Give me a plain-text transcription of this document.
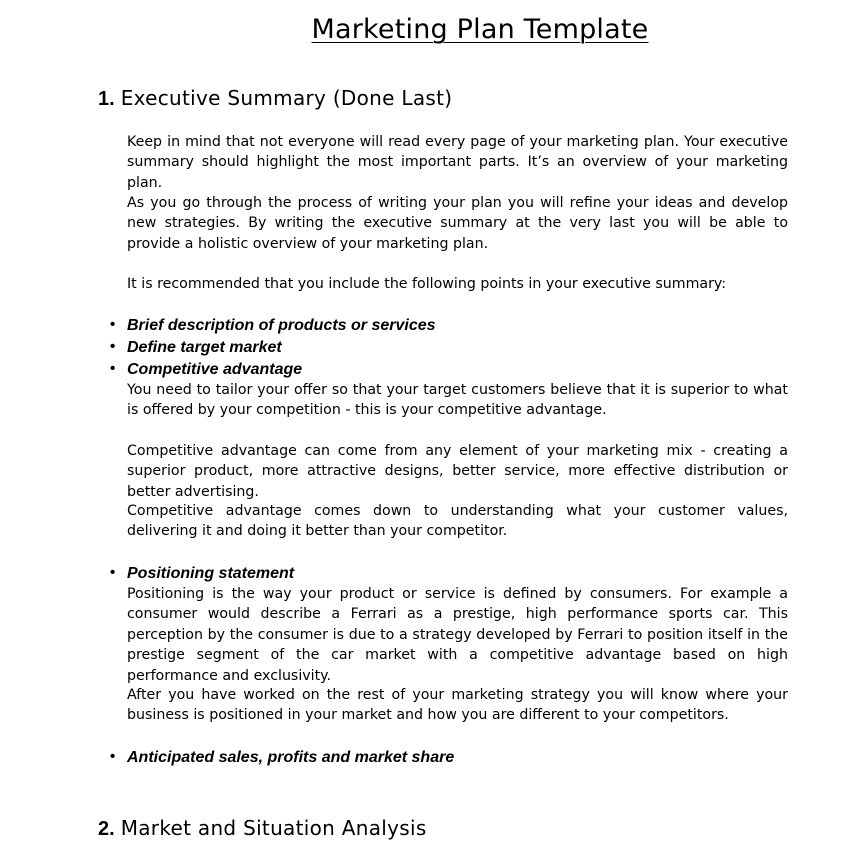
Marketing Plan Template
1. Executive Summary (Done Last)

Keep in mind that not everyone will read every page of your marketing plan. Your executive summary should highlight the most important parts. It’s an overview of your marketing plan.

As you go through the process of writing your plan you will refine your ideas and develop new strategies. By writing the executive summary at the very last you will be able to provide a holistic overview of your marketing plan.

It is recommended that you include the following points in your executive summary:

• Brief description of products or services
• Define target market
• Competitive advantage

You need to tailor your offer so that your target customers believe that it is superior to what is offered by your competition - this is your competitive advantage.

Competitive advantage can come from any element of your marketing mix - creating a superior product, more attractive designs, better service, more effective distribution or better advertising.

Competitive advantage comes down to understanding what your customer values, delivering it and doing it better than your competitor.

• Positioning statement

Positioning is the way your product or service is defined by consumers. For example a consumer would describe a Ferrari as a prestige, high performance sports car. This perception by the consumer is due to a strategy developed by Ferrari to position itself in the prestige segment of the car market with a competitive advantage based on high performance and exclusivity.

After you have worked on the rest of your marketing strategy you will know where your business is positioned in your market and how you are different to your competitors.

• Anticipated sales, profits and market share
2. Market and Situation Analysis
